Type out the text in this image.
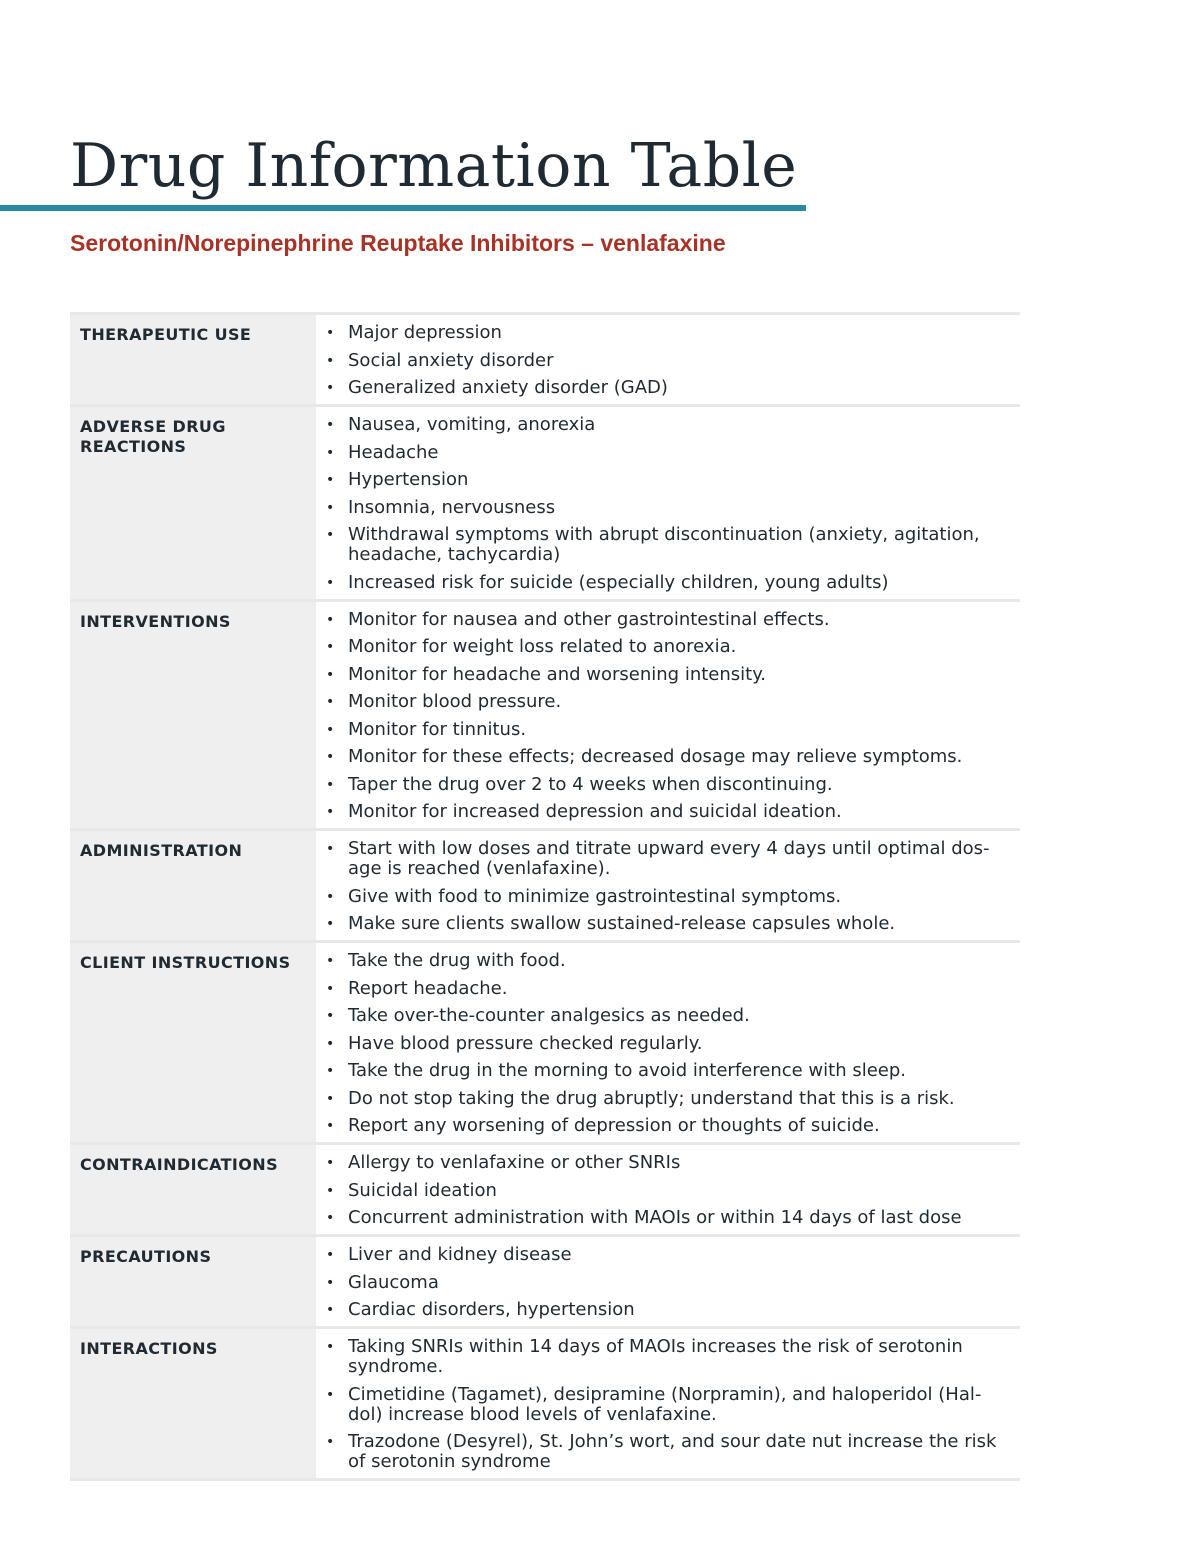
Drug Information Table
Serotonin/Norepinephrine Reuptake Inhibitors – venlafaxine
THERAPEUTIC USE	• Major depression
• Social anxiety disorder
• Generalized anxiety disorder (GAD)
ADVERSE DRUG
REACTIONS
• Nausea, vomiting, anorexia
• Headache
• Hypertension
• Insomnia, nervousness
• Withdrawal symptoms with abrupt discontinuation (anxiety, agitation, headache, tachycardia)
• Increased risk for suicide (especially children, young adults)
INTERVENTIONS	• Monitor for nausea and other gastrointestinal effects.
• Monitor for weight loss related to anorexia.
• Monitor for headache and worsening intensity.
• Monitor blood pressure.
• Monitor for tinnitus.
• Monitor for these effects; decreased dosage may relieve symptoms.
• Taper the drug over 2 to 4 weeks when discontinuing.
• Monitor for increased depression and suicidal ideation.
ADMINISTRATION	• Start with low doses and titrate upward every 4 days until optimal dos-age is reached (venlafaxine).
• Give with food to minimize gastrointestinal symptoms.
• Make sure clients swallow sustained-release capsules whole.
CLIENT INSTRUCTIONS	• Take the drug with food.
• Report headache.
• Take over-the-counter analgesics as needed.
• Have blood pressure checked regularly.
• Take the drug in the morning to avoid interference with sleep.
• Do not stop taking the drug abruptly; understand that this is a risk.
• Report any worsening of depression or thoughts of suicide.
CONTRAINDICATIONS	• Allergy to venlafaxine or other SNRIs
• Suicidal ideation
• Concurrent administration with MAOIs or within 14 days of last dose
PRECAUTIONS	• Liver and kidney disease
• Glaucoma
• Cardiac disorders, hypertension
INTERACTIONS	• Taking SNRIs within 14 days of MAOIs increases the risk of serotonin syndrome.
• Cimetidine (Tagamet), desipramine (Norpramin), and haloperidol (Hal-dol) increase blood levels of venlafaxine.
• Trazodone (Desyrel), St. John’s wort, and sour date nut increase the risk of serotonin syndrome
